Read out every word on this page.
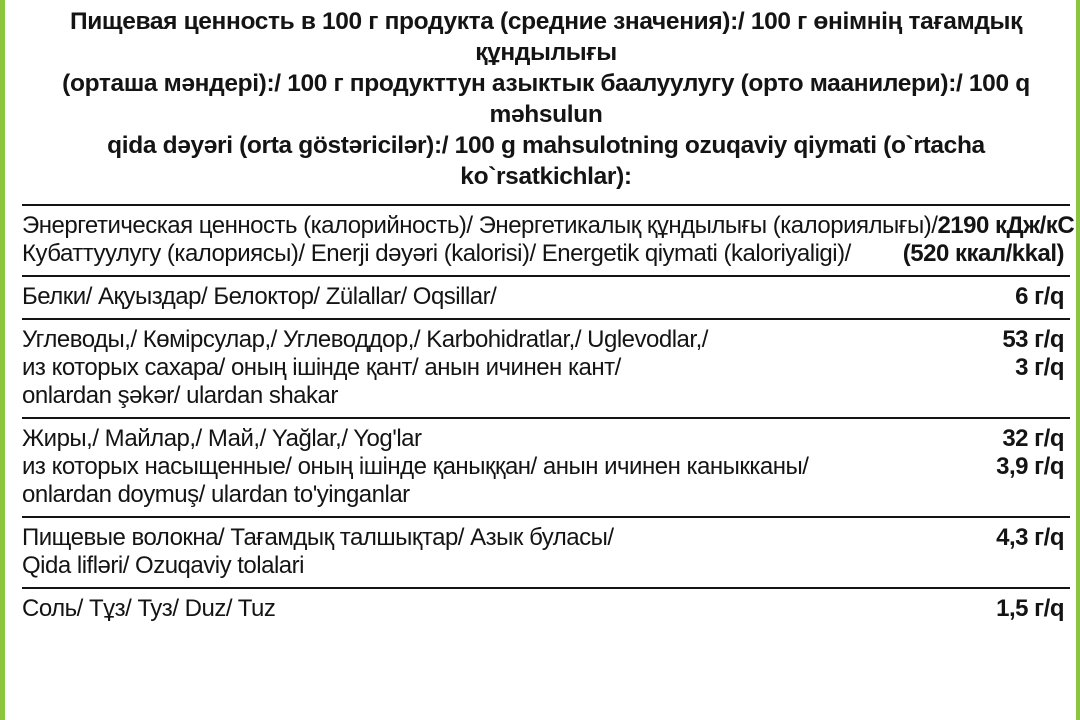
Пищевая ценность в 100 г продукта (средние значения):/ 100 г өнімнің тағамдық құндылығы
(орташа мәндері):/ 100 г продукттун азыктык баалуулугу (орто маанилери):/ 100 q məhsulun
qida dəyəri (orta göstəricilər):/ 100 g mahsulotning ozuqaviy qiymati (o`rtacha ko`rsatkichlar):
Энергетическая ценность (калорийность)/ Энергетикалық құндылығы (калориялығы)/ 2190 кДж/кС
Кубаттуулугу (калориясы)/ Enerji dəyəri (kalorisi)/ Energetik qiymati (kaloriyaligi)/ (520 ккал/kkal)
Белки/ Ақуыздар/ Белоктор/ Zülallar/ Oqsillar/	6 г/q
Углеводы,/ Көмірсулар,/ Углеводдор,/ Karbohidratlar,/ Uglevodlar,/	53 г/q
из которых сахара/ оның ішінде қант/ анын ичинен кант/	3 г/q
onlardan şəkər/ ulardan shakar
Жиры,/ Майлар,/ Май,/ Yağlar,/ Yog'lar	32 г/q
из которых насыщенные/ оның ішінде қаныққан/ анын ичинен каныкканы/	3,9 г/q
onlardan doymuş/ ulardan to'yinganlar
Пищевые волокна/ Тағамдық талшықтар/ Азык буласы/	4,3 г/q
Qida lifləri/ Ozuqaviy tolalari
Соль/ Тұз/ Туз/ Duz/ Tuz	1,5 г/q
